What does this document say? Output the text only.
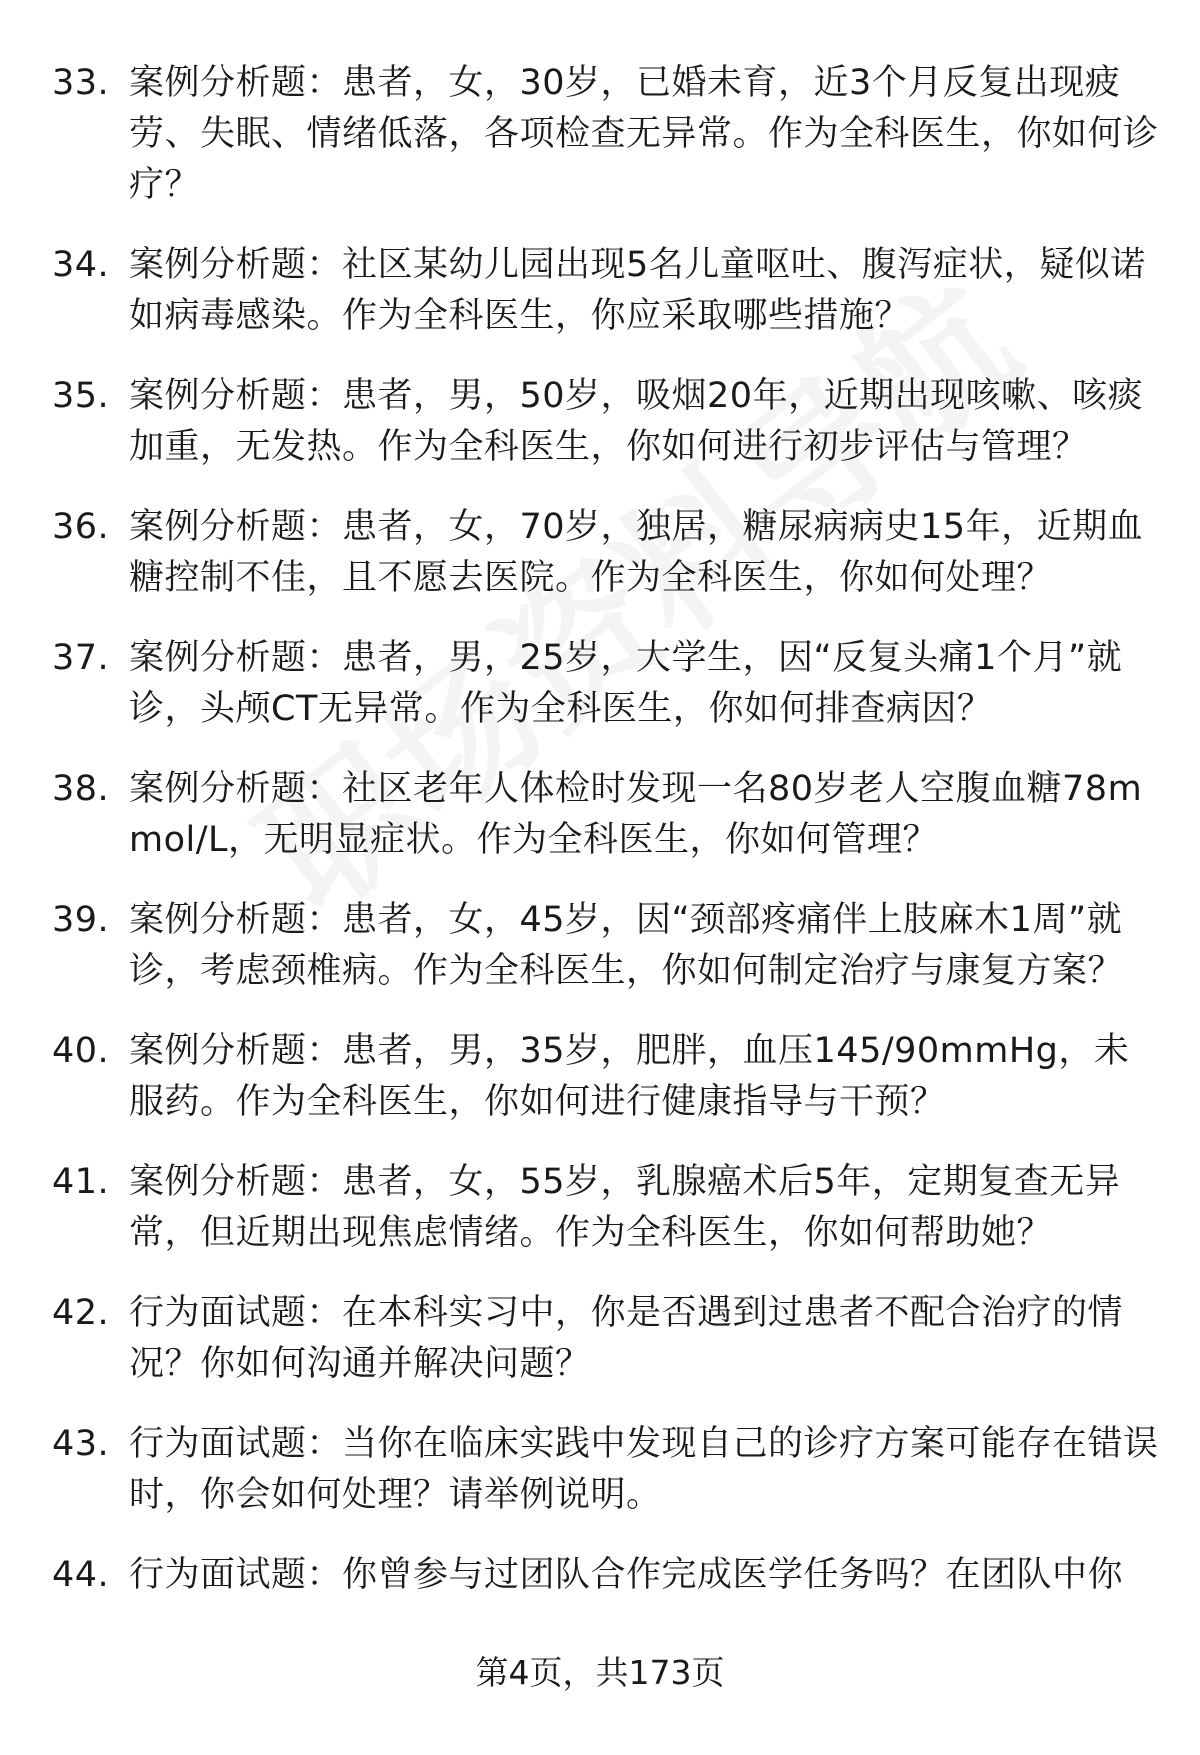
33. 案例分析题：患者，女，30岁，已婚未育，近3个月反复出现疲劳、失眠、情绪低落，各项检查无异常。作为全科医生，你如何诊疗？
34. 案例分析题：社区某幼儿园出现5名儿童呕吐、腹泻症状，疑似诺如病毒感染。作为全科医生，你应采取哪些措施？
35. 案例分析题：患者，男，50岁，吸烟20年，近期出现咳嗽、咳痰加重，无发热。作为全科医生，你如何进行初步评估与管理？
36. 案例分析题：患者，女，70岁，独居，糖尿病病史15年，近期血糖控制不佳，且不愿去医院。作为全科医生，你如何处理？
37. 案例分析题：患者，男，25岁，大学生，因“反复头痛1个月”就诊，头颅CT无异常。作为全科医生，你如何排查病因？
38. 案例分析题：社区老年人体检时发现一名80岁老人空腹血糖78mmol/L，无明显症状。作为全科医生，你如何管理？
39. 案例分析题：患者，女，45岁，因“颈部疼痛伴上肢麻木1周”就诊，考虑颈椎病。作为全科医生，你如何制定治疗与康复方案？
40. 案例分析题：患者，男，35岁，肥胖，血压145/90mmHg，未服药。作为全科医生，你如何进行健康指导与干预？
41. 案例分析题：患者，女，55岁，乳腺癌术后5年，定期复查无异常，但近期出现焦虑情绪。作为全科医生，你如何帮助她？
42. 行为面试题：在本科实习中，你是否遇到过患者不配合治疗的情况？你如何沟通并解决问题？
43. 行为面试题：当你在临床实践中发现自己的诊疗方案可能存在错误时，你会如何处理？请举例说明。
44. 行为面试题：你曾参与过团队合作完成医学任务吗？在团队中你
第4页，共173页
